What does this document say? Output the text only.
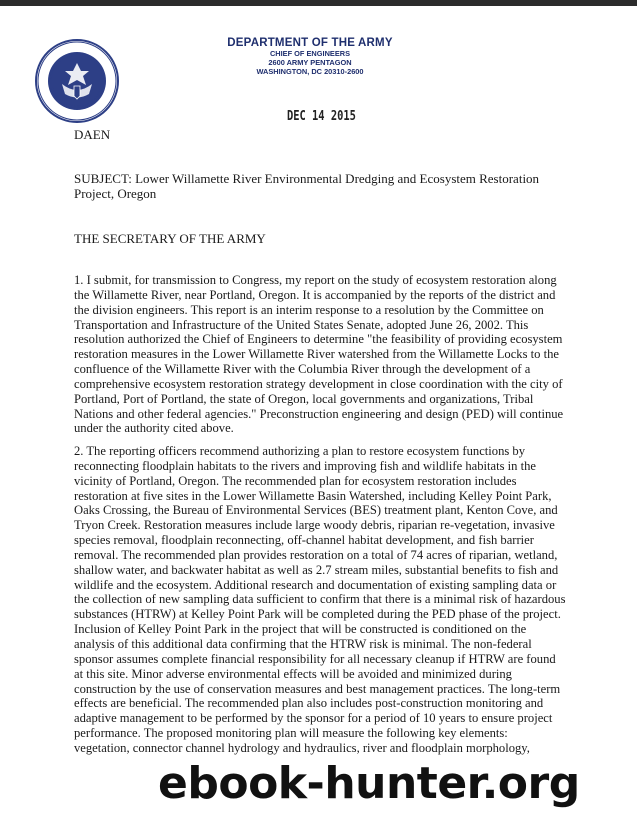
DEPARTMENT OF THE ARMY
CHIEF OF ENGINEERS
2600 ARMY PENTAGON
WASHINGTON, DC 20310-2600
DEC 14 2015
DAEN
SUBJECT: Lower Willamette River Environmental Dredging and Ecosystem Restoration Project, Oregon
THE SECRETARY OF THE ARMY
1. I submit, for transmission to Congress, my report on the study of ecosystem restoration along the Willamette River, near Portland, Oregon. It is accompanied by the reports of the district and the division engineers. This report is an interim response to a resolution by the Committee on Transportation and Infrastructure of the United States Senate, adopted June 26, 2002. This resolution authorized the Chief of Engineers to determine "the feasibility of providing ecosystem restoration measures in the Lower Willamette River watershed from the Willamette Locks to the confluence of the Willamette River with the Columbia River through the development of a comprehensive ecosystem restoration strategy development in close coordination with the city of Portland, Port of Portland, the state of Oregon, local governments and organizations, Tribal Nations and other federal agencies." Preconstruction engineering and design (PED) will continue under the authority cited above.
2. The reporting officers recommend authorizing a plan to restore ecosystem functions by reconnecting floodplain habitats to the rivers and improving fish and wildlife habitats in the vicinity of Portland, Oregon. The recommended plan for ecosystem restoration includes restoration at five sites in the Lower Willamette Basin Watershed, including Kelley Point Park, Oaks Crossing, the Bureau of Environmental Services (BES) treatment plant, Kenton Cove, and Tryon Creek. Restoration measures include large woody debris, riparian re-vegetation, invasive species removal, floodplain reconnecting, off-channel habitat development, and fish barrier removal. The recommended plan provides restoration on a total of 74 acres of riparian, wetland, shallow water, and backwater habitat as well as 2.7 stream miles, substantial benefits to fish and wildlife and the ecosystem. Additional research and documentation of existing sampling data or the collection of new sampling data sufficient to confirm that there is a minimal risk of hazardous substances (HTRW) at Kelley Point Park will be completed during the PED phase of the project. Inclusion of Kelley Point Park in the project that will be constructed is conditioned on the analysis of this additional data confirming that the HTRW risk is minimal. The non-federal sponsor assumes complete financial responsibility for all necessary cleanup if HTRW are found at this site. Minor adverse environmental effects will be avoided and minimized during construction by the use of conservation measures and best management practices. The long-term effects are beneficial. The recommended plan also includes post-construction monitoring and adaptive management to be performed by the sponsor for a period of 10 years to ensure project performance. The proposed monitoring plan will measure the following key elements: vegetation, connector channel hydrology and hydraulics, river and floodplain morphology,
ebook-hunter.org
